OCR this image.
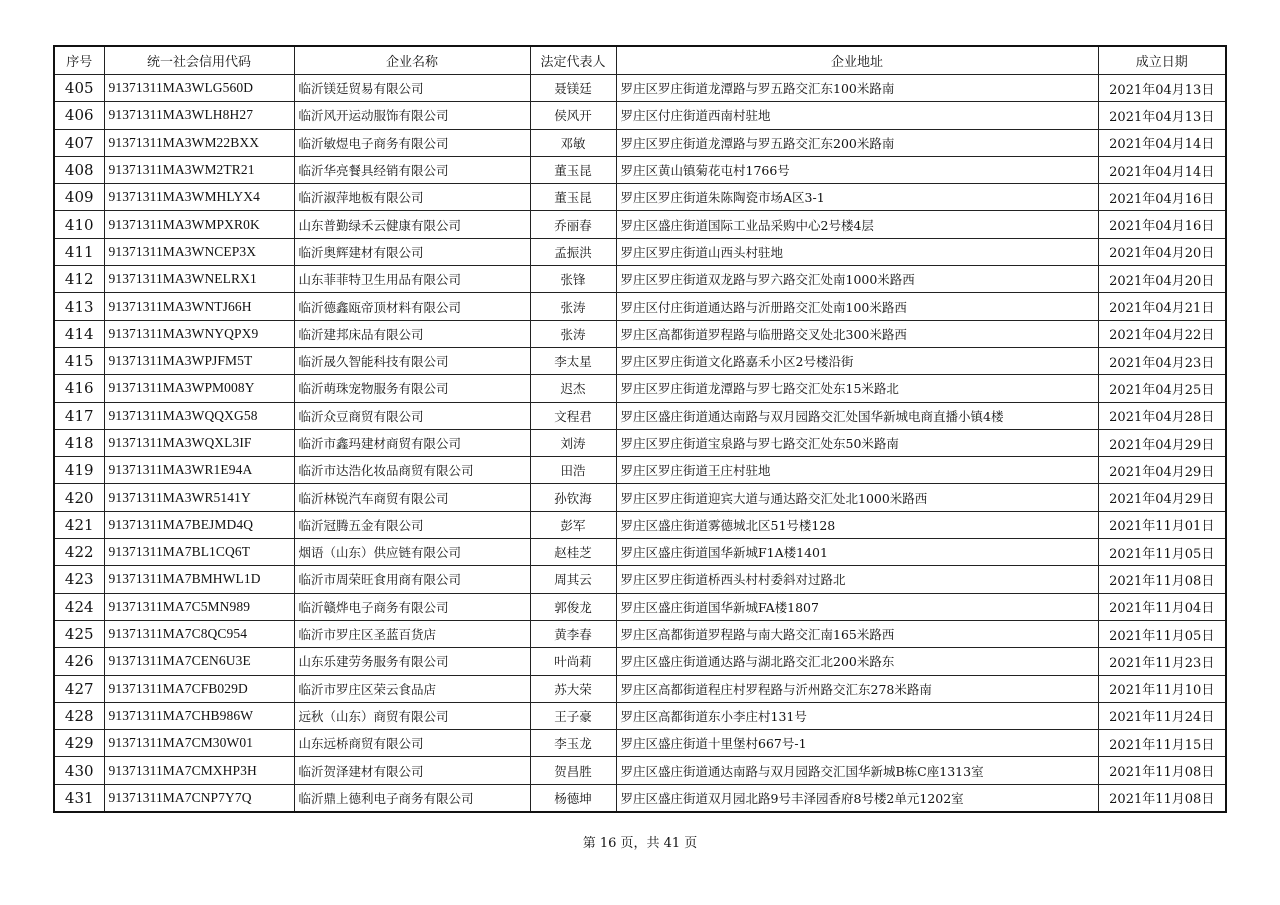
序号	统一社会信用代码	企业名称	法定代表人	企业地址	成立日期
405	91371311MA3WLG560D	临沂镁廷贸易有限公司	聂镁廷	罗庄区罗庄街道龙潭路与罗五路交汇东100米路南	2021年04月13日
406	91371311MA3WLH8H27	临沂风开运动服饰有限公司	侯风开	罗庄区付庄街道西南村驻地	2021年04月13日
407	91371311MA3WM22BXX	临沂敏煜电子商务有限公司	邓敏	罗庄区罗庄街道龙潭路与罗五路交汇东200米路南	2021年04月14日
408	91371311MA3WM2TR21	临沂华亮餐具经销有限公司	董玉昆	罗庄区黄山镇菊花屯村1766号	2021年04月14日
409	91371311MA3WMHLYX4	临沂淑萍地板有限公司	董玉昆	罗庄区罗庄街道朱陈陶瓷市场A区3-1	2021年04月16日
410	91371311MA3WMPXR0K	山东普勤绿禾云健康有限公司	乔丽春	罗庄区盛庄街道国际工业品采购中心2号楼4层	2021年04月16日
411	91371311MA3WNCEP3X	临沂奥辉建材有限公司	孟振洪	罗庄区罗庄街道山西头村驻地	2021年04月20日
412	91371311MA3WNELRX1	山东菲菲特卫生用品有限公司	张锋	罗庄区罗庄街道双龙路与罗六路交汇处南1000米路西	2021年04月20日
413	91371311MA3WNTJ66H	临沂德鑫瓯帝顶材料有限公司	张涛	罗庄区付庄街道通达路与沂册路交汇处南100米路西	2021年04月21日
414	91371311MA3WNYQPX9	临沂建邦床品有限公司	张涛	罗庄区高都街道罗程路与临册路交叉处北300米路西	2021年04月22日
415	91371311MA3WPJFM5T	临沂晟久智能科技有限公司	李太星	罗庄区罗庄街道文化路嘉禾小区2号楼沿街	2021年04月23日
416	91371311MA3WPM008Y	临沂萌珠宠物服务有限公司	迟杰	罗庄区罗庄街道龙潭路与罗七路交汇处东15米路北	2021年04月25日
417	91371311MA3WQQXG58	临沂众豆商贸有限公司	文程君	罗庄区盛庄街道通达南路与双月园路交汇处国华新城电商直播小镇4楼	2021年04月28日
418	91371311MA3WQXL3IF	临沂市鑫玛建材商贸有限公司	刘涛	罗庄区罗庄街道宝泉路与罗七路交汇处东50米路南	2021年04月29日
419	91371311MA3WR1E94A	临沂市达浩化妆品商贸有限公司	田浩	罗庄区罗庄街道王庄村驻地	2021年04月29日
420	91371311MA3WR5141Y	临沂林锐汽车商贸有限公司	孙钦海	罗庄区罗庄街道迎宾大道与通达路交汇处北1000米路西	2021年04月29日
421	91371311MA7BEJMD4Q	临沂冠腾五金有限公司	彭军	罗庄区盛庄街道雾德城北区51号楼128	2021年11月01日
422	91371311MA7BL1CQ6T	烟语（山东）供应链有限公司	赵桂芝	罗庄区盛庄街道国华新城F1A楼1401	2021年11月05日
423	91371311MA7BMHWL1D	临沂市周荣旺食用商有限公司	周其云	罗庄区罗庄街道桥西头村村委斜对过路北	2021年11月08日
424	91371311MA7C5MN989	临沂赣烨电子商务有限公司	郭俊龙	罗庄区盛庄街道国华新城FA楼1807	2021年11月04日
425	91371311MA7C8QC954	临沂市罗庄区圣蓝百货店	黄李春	罗庄区高都街道罗程路与南大路交汇南165米路西	2021年11月05日
426	91371311MA7CEN6U3E	山东乐建劳务服务有限公司	叶尚莉	罗庄区盛庄街道通达路与湖北路交汇北200米路东	2021年11月23日
427	91371311MA7CFB029D	临沂市罗庄区荣云食品店	苏大荣	罗庄区高都街道程庄村罗程路与沂州路交汇东278米路南	2021年11月10日
428	91371311MA7CHB986W	远秋（山东）商贸有限公司	王子豪	罗庄区高都街道东小李庄村131号	2021年11月24日
429	91371311MA7CM30W01	山东远桥商贸有限公司	李玉龙	罗庄区盛庄街道十里堡村667号-1	2021年11月15日
430	91371311MA7CMXHP3H	临沂贺泽建材有限公司	贺昌胜	罗庄区盛庄街道通达南路与双月园路交汇国华新城B栋C座1313室	2021年11月08日
431	91371311MA7CNP7Y7Q	临沂鼎上德利电子商务有限公司	杨德坤	罗庄区盛庄街道双月园北路9号丰泽园香府8号楼2单元1202室	2021年11月08日
第 16 页，共 41 页
